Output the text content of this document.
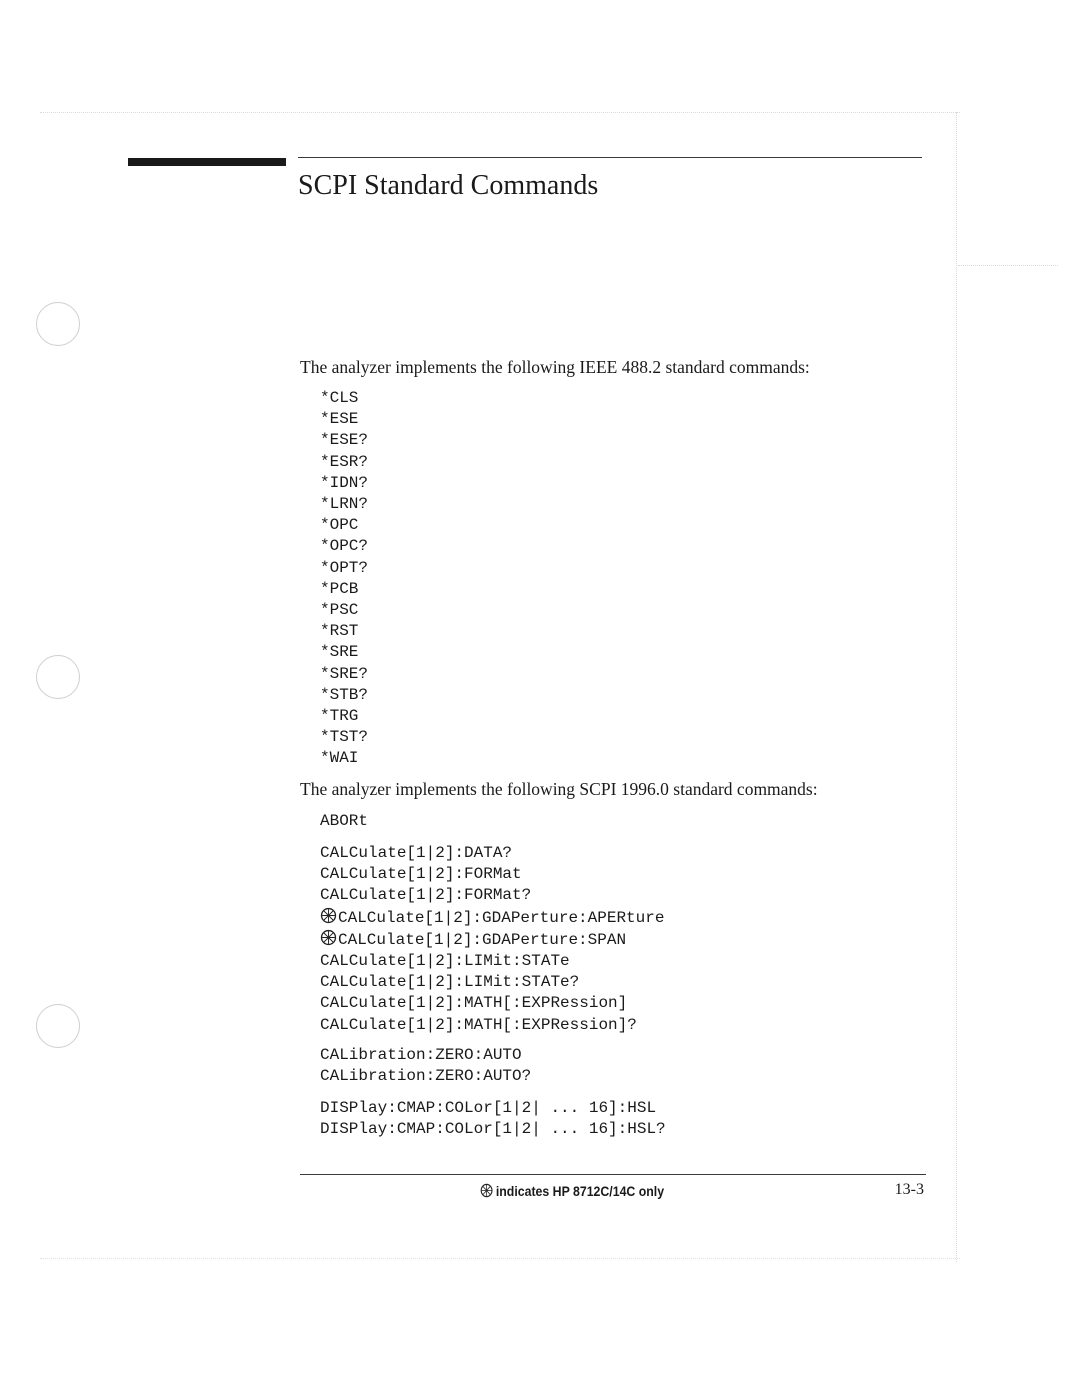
SCPI Standard Commands
The analyzer implements the following IEEE 488.2 standard commands:
*CLS
*ESE
*ESE?
*ESR?
*IDN?
*LRN?
*OPC
*OPC?
*OPT?
*PCB
*PSC
*RST
*SRE
*SRE?
*STB?
*TRG
*TST?
*WAI
The analyzer implements the following SCPI 1996.0 standard commands:
ABORt
CALCulate[1|2]:DATA?
CALCulate[1|2]:FORMat
CALCulate[1|2]:FORMat?
CALCulate[1|2]:GDAPerture:APERture
CALCulate[1|2]:GDAPerture:SPAN
CALCulate[1|2]:LIMit:STATe
CALCulate[1|2]:LIMit:STATe?
CALCulate[1|2]:MATH[:EXPRession]
CALCulate[1|2]:MATH[:EXPRession]?
CALibration:ZERO:AUTO
CALibration:ZERO:AUTO?
DISPlay:CMAP:COLor[1|2| ... 16]:HSL
DISPlay:CMAP:COLor[1|2| ... 16]:HSL?
indicates HP 8712C/14C only	13-3
